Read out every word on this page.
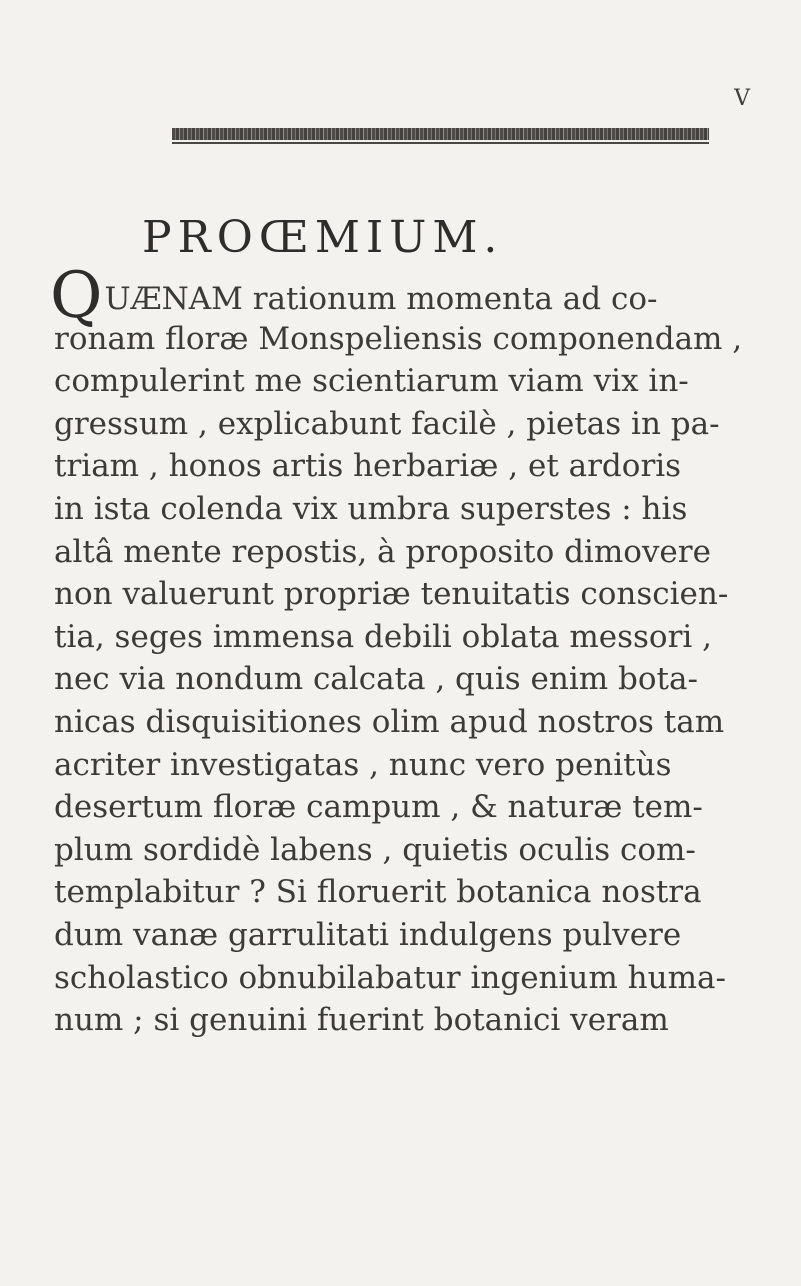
V
PROŒMIUM.
QUÆNAM rationum momenta ad co-
ronam floræ Monspeliensis componendam ,
compulerint me scientiarum viam vix in-
gressum , explicabunt facilè , pietas in pa-
triam , honos artis herbariæ , et ardoris
in ista colenda vix umbra superstes : his
altâ mente repostis, à proposito dimovere
non valuerunt propriæ tenuitatis conscien-
tia, seges immensa debili oblata messori ,
nec via nondum calcata , quis enim bota-
nicas disquisitiones olim apud nostros tam
acriter investigatas , nunc vero penitùs
desertum floræ campum , & naturæ tem-
plum sordidè labens , quietis oculis com-
templabitur ? Si floruerit botanica nostra
dum vanæ garrulitati indulgens pulvere
scholastico obnubilabatur ingenium huma-
num ; si genuini fuerint botanici veram
